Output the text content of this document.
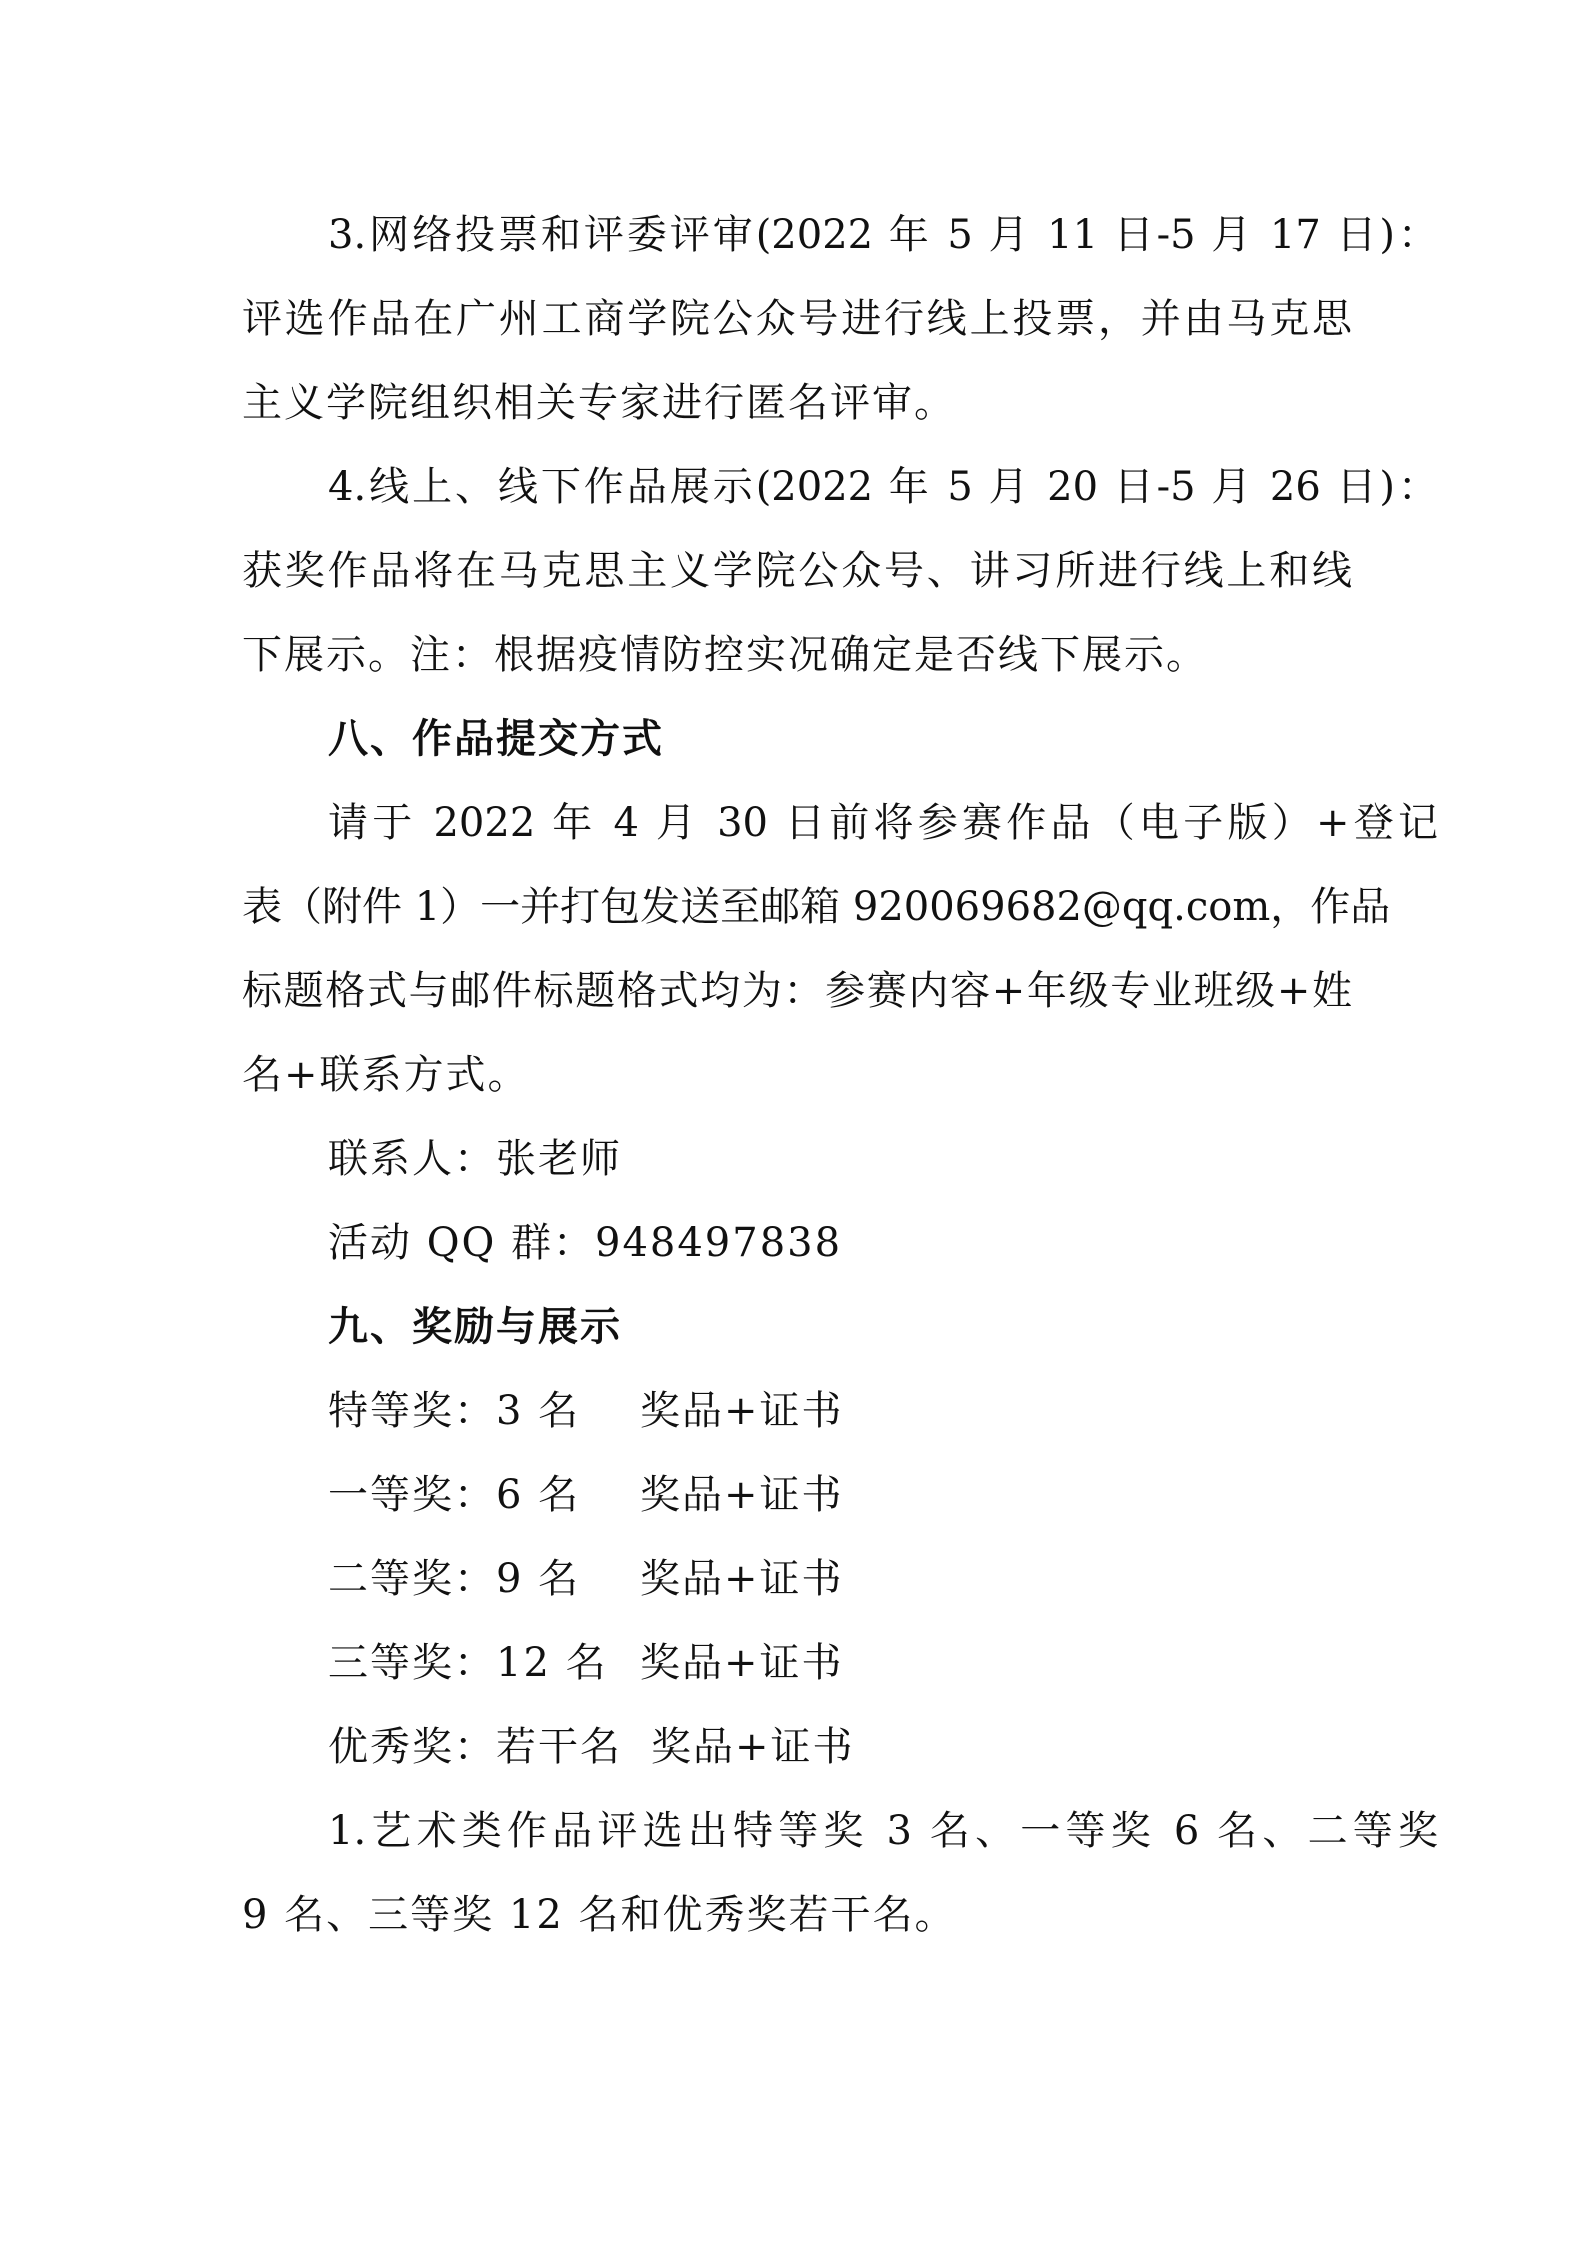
3.网络投票和评委评审(2022 年 5 月 11 日-5 月 17 日)：
评选作品在广州工商学院公众号进行线上投票，并由马克思
主义学院组织相关专家进行匿名评审。
4.线上、线下作品展示(2022 年 5 月 20 日-5 月 26 日)：
获奖作品将在马克思主义学院公众号、讲习所进行线上和线
下展示。注：根据疫情防控实况确定是否线下展示。
八、作品提交方式
请于 2022 年 4 月 30 日前将参赛作品（电子版）+登记
表（附件 1）一并打包发送至邮箱 920069682@qq.com，作品
标题格式与邮件标题格式均为：参赛内容+年级专业班级+姓
名+联系方式。
联系人：张老师
活动 QQ 群：948497838
九、奖励与展示
特等奖：3 名 奖品+证书
一等奖：6 名 奖品+证书
二等奖：9 名 奖品+证书
三等奖：12 名 奖品+证书
优秀奖：若干名 奖品+证书
1.艺术类作品评选出特等奖 3 名、一等奖 6 名、二等奖
9 名、三等奖 12 名和优秀奖若干名。
